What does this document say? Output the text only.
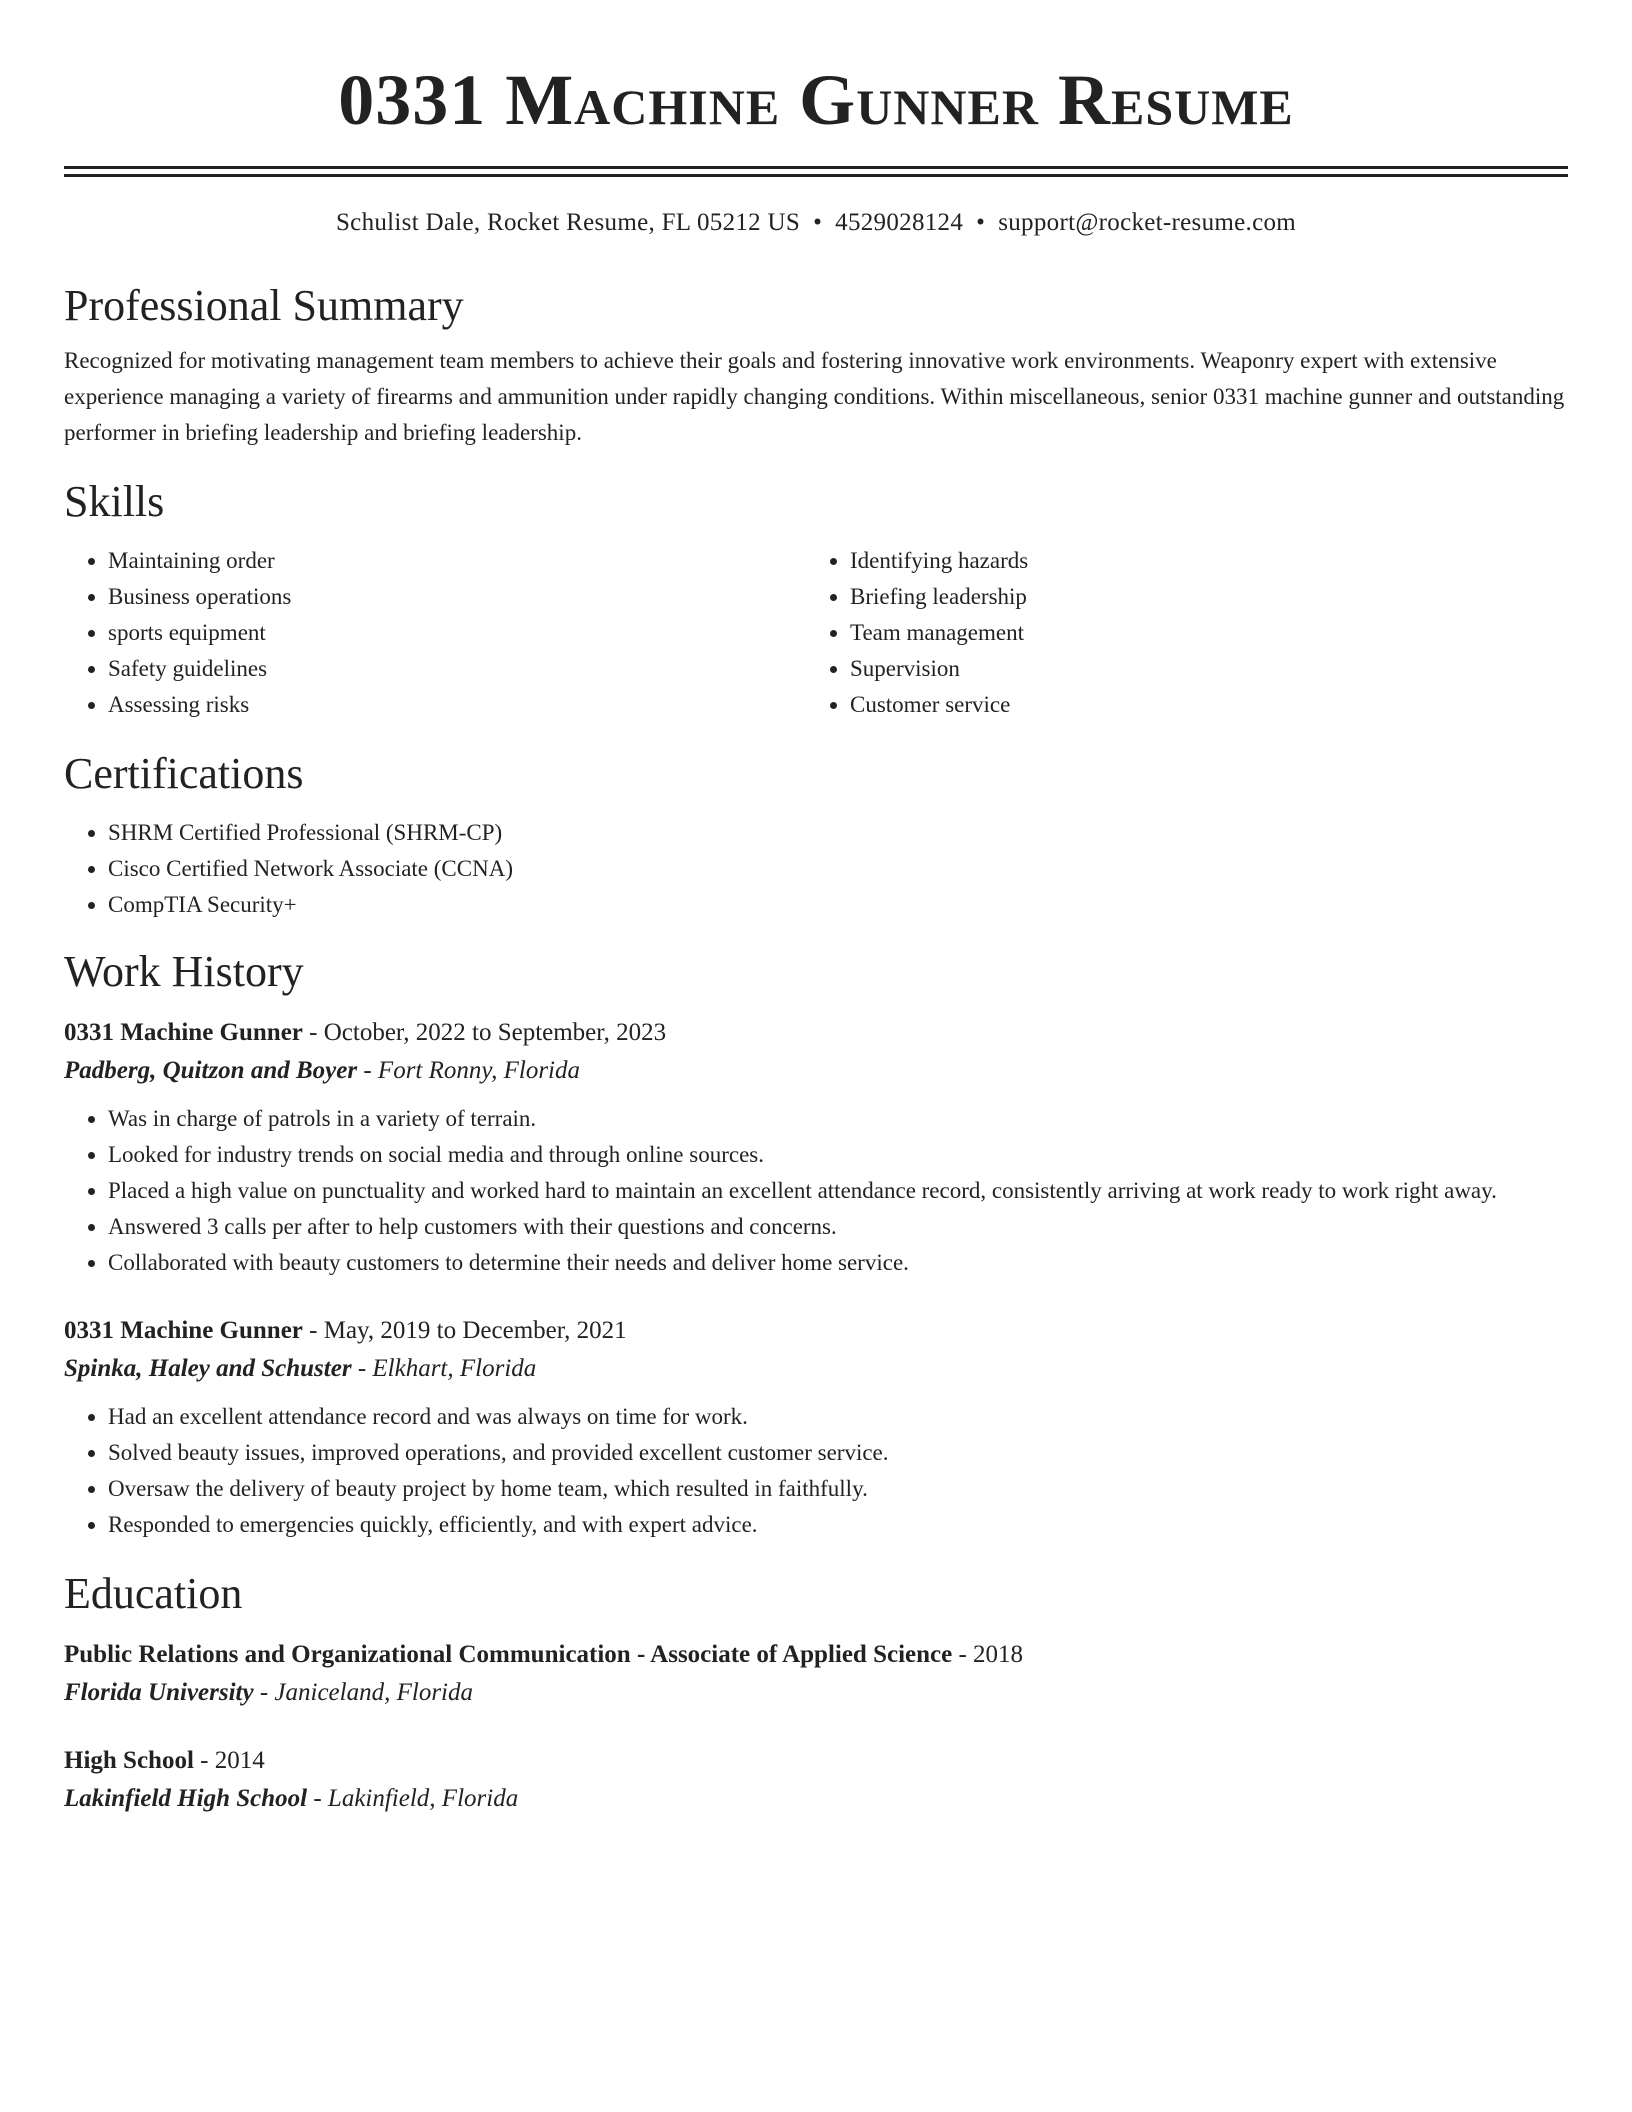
0331 Machine Gunner Resume
Schulist Dale, Rocket Resume, FL 05212 US • 4529028124 • support@rocket-resume.com
Professional Summary

Recognized for motivating management team members to achieve their goals and fostering innovative work environments. Weaponry expert with extensive experience managing a variety of firearms and ammunition under rapidly changing conditions. Within miscellaneous, senior 0331 machine gunner and outstanding performer in briefing leadership and briefing leadership.

Skills
• Maintaining order
• Business operations
• sports equipment
• Safety guidelines
• Assessing risks
• Identifying hazards
• Briefing leadership
• Team management
• Supervision
• Customer service
Certifications
• SHRM Certified Professional (SHRM-CP)
• Cisco Certified Network Associate (CCNA)
• CompTIA Security+
Work History
0331 Machine Gunner - October, 2022 to September, 2023
Padberg, Quitzon and Boyer - Fort Ronny, Florida
• Was in charge of patrols in a variety of terrain.
• Looked for industry trends on social media and through online sources.
• Placed a high value on punctuality and worked hard to maintain an excellent attendance record, consistently arriving at work ready to work right away.
• Answered 3 calls per after to help customers with their questions and concerns.
• Collaborated with beauty customers to determine their needs and deliver home service.
0331 Machine Gunner - May, 2019 to December, 2021
Spinka, Haley and Schuster - Elkhart, Florida
• Had an excellent attendance record and was always on time for work.
• Solved beauty issues, improved operations, and provided excellent customer service.
• Oversaw the delivery of beauty project by home team, which resulted in faithfully.
• Responded to emergencies quickly, efficiently, and with expert advice.
Education
Public Relations and Organizational Communication - Associate of Applied Science - 2018
Florida University - Janiceland, Florida
High School - 2014
Lakinfield High School - Lakinfield, Florida
